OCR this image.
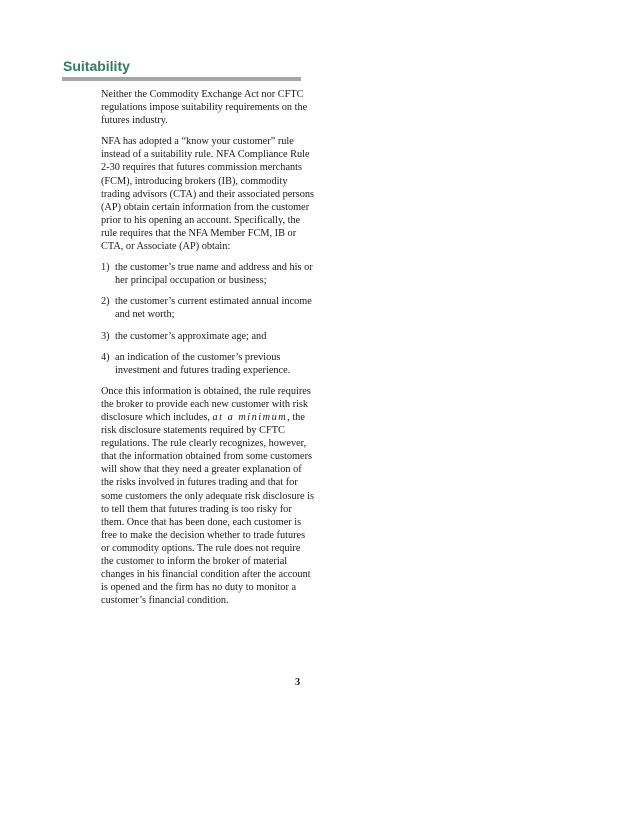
Suitability

Neither the Commodity Exchange Act nor CFTC regulations impose suitability requirements on the futures industry.

NFA has adopted a “know your customer” rule instead of a suitability rule. NFA Compliance Rule 2-30 requires that futures commission merchants (FCM), introducing brokers (IB), commodity trading advisors (CTA) and their associated persons (AP) obtain certain information from the customer prior to his opening an account. Specifically, the rule requires that the NFA Member FCM, IB or CTA, or Associate (AP) obtain:

1) the customer’s true name and address and his or her principal occupation or business;
2) the customer’s current estimated annual income and net worth;
3) the customer’s approximate age; and
4) an indication of the customer’s previous investment and futures trading experience.

Once this information is obtained, the rule requires the broker to provide each new customer with risk disclosure which includes, at a minimum, the risk disclosure statements required by CFTC regulations. The rule clearly recognizes, however, that the information obtained from some customers will show that they need a greater explanation of the risks involved in futures trading and that for some customers the only adequate risk disclosure is to tell them that futures trading is too risky for them. Once that has been done, each customer is free to make the decision whether to trade futures or commodity options. The rule does not require the customer to inform the broker of material changes in his financial condition after the account is opened and the firm has no duty to monitor a customer’s financial condition.

3
